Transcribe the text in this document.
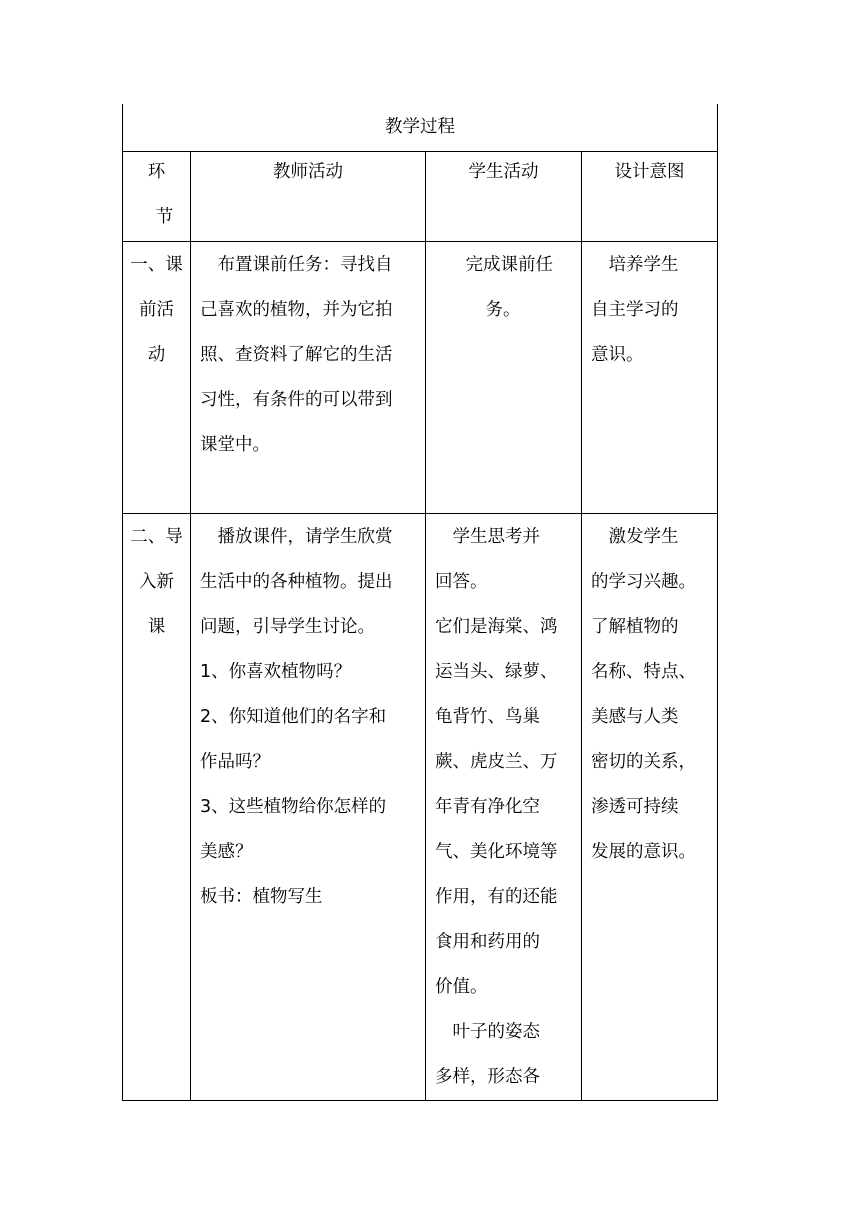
教学过程
环
节
教师活动	学生活动	设计意图
一、课
前活
动
　布置课前任务：寻找自
己喜欢的植物，并为它拍
照、查资料了解它的生活
习性，有条件的可以带到
课堂中。
　完成课前任
　务。
　培养学生
自主学习的
意识。
二、导
入新
课
　播放课件，请学生欣赏
生活中的各种植物。提出
问题，引导学生讨论。
1、你喜欢植物吗？
2、你知道他们的名字和
作品吗？
3、这些植物给你怎样的
美感？
板书：植物写生
　学生思考并
回答。
它们是海棠、鸿
运当头、绿萝、
龟背竹、鸟巢
蕨、虎皮兰、万
年青有净化空
气、美化环境等
作用，有的还能
食用和药用的
价值。
　叶子的姿态
多样，形态各
　激发学生
的学习兴趣。
了解植物的
名称、特点、
美感与人类
密切的关系，
渗透可持续
发展的意识。
